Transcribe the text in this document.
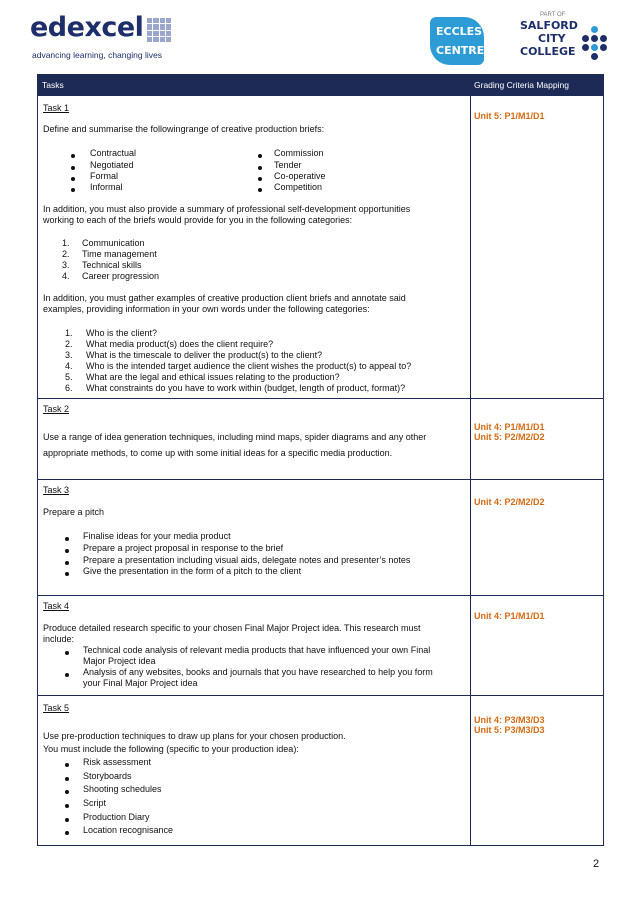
edexcel
advancing learning, changing lives
ECCLES
CENTRE
PART OF
SALFORD
CITY
COLLEGE
Tasks	Grading Criteria Mapping
Task 1
Define and summarise the followingrange of creative production briefs:
Contractual
Negotiated
Formal
Informal
Commission
Tender
Co-operative
Competition
In addition, you must also provide a summary of professional self-development opportunities
working to each of the briefs would provide for you in the following categories:
1. Communication
2. Time management
3. Technical skills
4. Career progression
In addition, you must gather examples of creative production client briefs and annotate said
examples, providing information in your own words under the following categories:
1. Who is the client?
2. What media product(s) does the client require?
3. What is the timescale to deliver the product(s) to the client?
4. Who is the intended target audience the client wishes the product(s) to appeal to?
5. What are the legal and ethical issues relating to the production?
6. What constraints do you have to work within (budget, length of product, format)?
Unit 5: P1/M1/D1
Task 2
Use a range of idea generation techniques, including mind maps, spider diagrams and any other
appropriate methods, to come up with some initial ideas for a specific media production.
Unit 4: P1/M1/D1
Unit 5: P2/M2/D2
Task 3
Prepare a pitch
Finalise ideas for your media product
Prepare a project proposal in response to the brief
Prepare a presentation including visual aids, delegate notes and presenter’s notes
Give the presentation in the form of a pitch to the client
Unit 4: P2/M2/D2
Task 4
Produce detailed research specific to your chosen Final Major Project idea. This research must
include:
Technical code analysis of relevant media products that have influenced your own Final
Major Project idea
Analysis of any websites, books and journals that you have researched to help you form
your Final Major Project idea
Unit 4: P1/M1/D1
Task 5
Use pre-production techniques to draw up plans for your chosen production.
You must include the following (specific to your production idea):
Risk assessment
Storyboards
Shooting schedules
Script
Production Diary
Location recognisance
Unit 4: P3/M3/D3
Unit 5: P3/M3/D3
2
